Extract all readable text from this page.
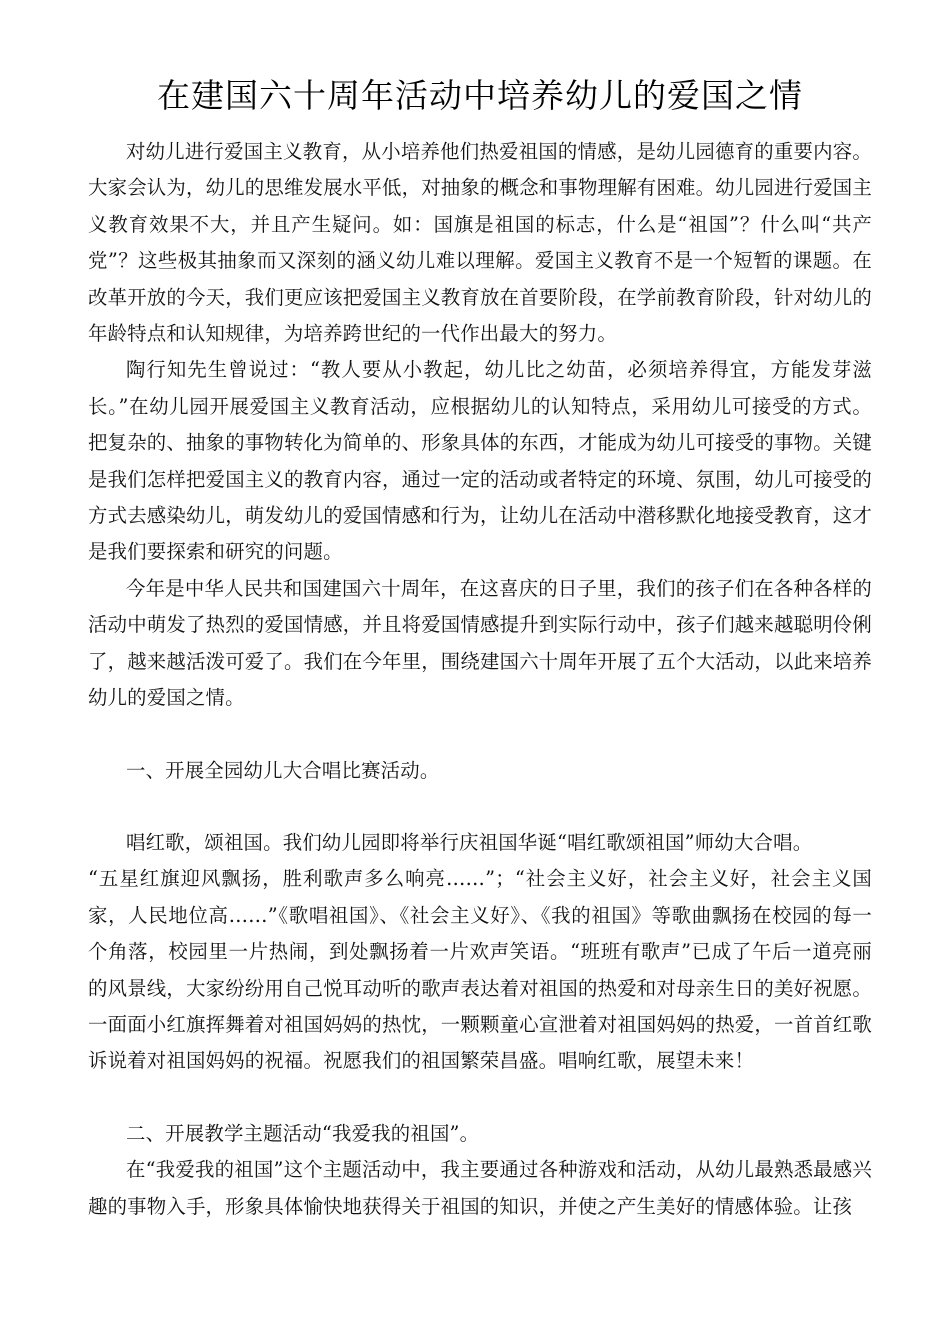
在建国六十周年活动中培养幼儿的爱国之情

对幼儿进行爱国主义教育，从小培养他们热爱祖国的情感，是幼儿园德育的重要内容。大家会认为，幼儿的思维发展水平低，对抽象的概念和事物理解有困难。幼儿园进行爱国主义教育效果不大，并且产生疑问。如：国旗是祖国的标志，什么是“祖国”？什么叫“共产党”？这些极其抽象而又深刻的涵义幼儿难以理解。爱国主义教育不是一个短暂的课题。在改革开放的今天，我们更应该把爱国主义教育放在首要阶段，在学前教育阶段，针对幼儿的年龄特点和认知规律，为培养跨世纪的一代作出最大的努力。

陶行知先生曾说过：“教人要从小教起，幼儿比之幼苗，必须培养得宜，方能发芽滋长。”在幼儿园开展爱国主义教育活动，应根据幼儿的认知特点，采用幼儿可接受的方式。把复杂的、抽象的事物转化为简单的、形象具体的东西，才能成为幼儿可接受的事物。关键是我们怎样把爱国主义的教育内容，通过一定的活动或者特定的环境、氛围，幼儿可接受的方式去感染幼儿，萌发幼儿的爱国情感和行为，让幼儿在活动中潜移默化地接受教育，这才是我们要探索和研究的问题。

今年是中华人民共和国建国六十周年，在这喜庆的日子里，我们的孩子们在各种各样的活动中萌发了热烈的爱国情感，并且将爱国情感提升到实际行动中，孩子们越来越聪明伶俐了，越来越活泼可爱了。我们在今年里，围绕建国六十周年开展了五个大活动，以此来培养幼儿的爱国之情。

一、开展全园幼儿大合唱比赛活动。

唱红歌，颂祖国。我们幼儿园即将举行庆祖国华诞“唱红歌颂祖国”师幼大合唱。

“五星红旗迎风飘扬，胜利歌声多么响亮……”；“社会主义好，社会主义好，社会主义国家，人民地位高……”《歌唱祖国》、《社会主义好》、《我的祖国》等歌曲飘扬在校园的每一个角落，校园里一片热闹，到处飘扬着一片欢声笑语。“班班有歌声”已成了午后一道亮丽的风景线，大家纷纷用自己悦耳动听的歌声表达着对祖国的热爱和对母亲生日的美好祝愿。一面面小红旗挥舞着对祖国妈妈的热忱，一颗颗童心宣泄着对祖国妈妈的热爱，一首首红歌诉说着对祖国妈妈的祝福。祝愿我们的祖国繁荣昌盛。唱响红歌，展望未来！

二、开展教学主题活动“我爱我的祖国”。

在“我爱我的祖国”这个主题活动中，我主要通过各种游戏和活动，从幼儿最熟悉最感兴趣的事物入手，形象具体愉快地获得关于祖国的知识，并使之产生美好的情感体验。让孩
